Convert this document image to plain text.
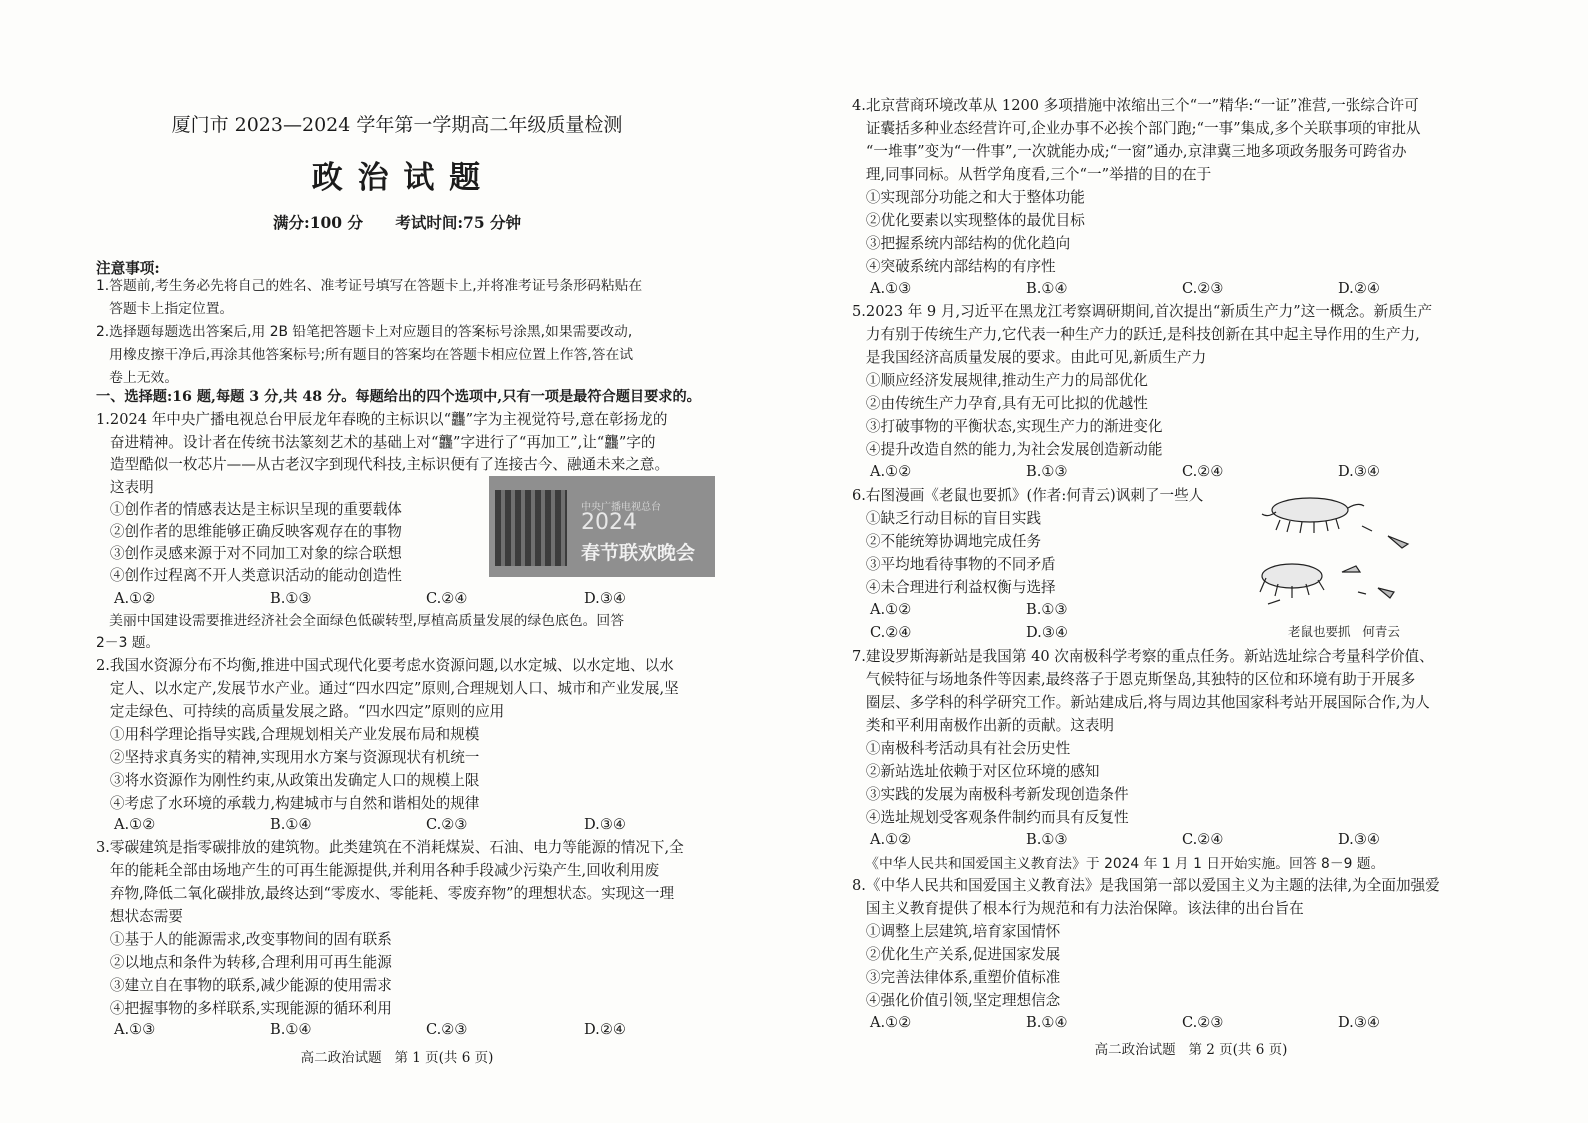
厦门市 2023—2024 学年第一学期高二年级质量检测
政 治 试 题
满分:100 分      考试时间:75 分钟
注意事项:
1.答题前,考生务必先将自己的姓名、准考证号填写在答题卡上,并将准考证号条形码粘贴在
答题卡上指定位置。
2.选择题每题选出答案后,用 2B 铅笔把答题卡上对应题目的答案标号涂黑,如果需要改动,
用橡皮擦干净后,再涂其他答案标号;所有题目的答案均在答题卡相应位置上作答,答在试
卷上无效。
一、选择题:16 题,每题 3 分,共 48 分。每题给出的四个选项中,只有一项是最符合题目要求的。
1.2024 年中央广播电视总台甲辰龙年春晚的主标识以“龘”字为主视觉符号,意在彰扬龙的
奋进精神。设计者在传统书法篆刻艺术的基础上对“龘”字进行了“再加工”,让“龘”字的
造型酷似一枚芯片——从古老汉字到现代科技,主标识便有了连接古今、融通未来之意。
这表明
①创作者的情感表达是主标识呈现的重要载体
②创作者的思维能够正确反映客观存在的事物
③创作灵感来源于对不同加工对象的综合联想
④创作过程离不开人类意识活动的能动创造性
中央广播电视总台
2024
春节联欢晚会
A.①②	B.①③	C.②④	D.③④
美丽中国建设需要推进经济社会全面绿色低碳转型,厚植高质量发展的绿色底色。回答
2－3 题。
2.我国水资源分布不均衡,推进中国式现代化要考虑水资源问题,以水定城、以水定地、以水
定人、以水定产,发展节水产业。通过“四水四定”原则,合理规划人口、城市和产业发展,坚
定走绿色、可持续的高质量发展之路。“四水四定”原则的应用
①用科学理论指导实践,合理规划相关产业发展布局和规模
②坚持求真务实的精神,实现用水方案与资源现状有机统一
③将水资源作为刚性约束,从政策出发确定人口的规模上限
④考虑了水环境的承载力,构建城市与自然和谐相处的规律
A.①②	B.①④	C.②③	D.③④
3.零碳建筑是指零碳排放的建筑物。此类建筑在不消耗煤炭、石油、电力等能源的情况下,全
年的能耗全部由场地产生的可再生能源提供,并利用各种手段减少污染产生,回收利用废
弃物,降低二氧化碳排放,最终达到“零废水、零能耗、零废弃物”的理想状态。实现这一理
想状态需要
①基于人的能源需求,改变事物间的固有联系
②以地点和条件为转移,合理利用可再生能源
③建立自在事物的联系,减少能源的使用需求
④把握事物的多样联系,实现能源的循环利用
A.①③	B.①④	C.②③	D.②④
高二政治试题   第 1 页(共 6 页)
4.北京营商环境改革从 1200 多项措施中浓缩出三个“一”精华:“一证”准营,一张综合许可
证囊括多种业态经营许可,企业办事不必挨个部门跑;“一事”集成,多个关联事项的审批从
“一堆事”变为“一件事”,一次就能办成;“一窗”通办,京津冀三地多项政务服务可跨省办
理,同事同标。从哲学角度看,三个“一”举措的目的在于
①实现部分功能之和大于整体功能
②优化要素以实现整体的最优目标
③把握系统内部结构的优化趋向
④突破系统内部结构的有序性
A.①③	B.①④	C.②③	D.②④
5.2023 年 9 月,习近平在黑龙江考察调研期间,首次提出“新质生产力”这一概念。新质生产
力有别于传统生产力,它代表一种生产力的跃迁,是科技创新在其中起主导作用的生产力,
是我国经济高质量发展的要求。由此可见,新质生产力
①顺应经济发展规律,推动生产力的局部优化
②由传统生产力孕育,具有无可比拟的优越性
③打破事物的平衡状态,实现生产力的渐进变化
④提升改造自然的能力,为社会发展创造新动能
A.①②	B.①③	C.②④	D.③④
6.右图漫画《老鼠也要抓》(作者:何青云)讽刺了一些人
①缺乏行动目标的盲目实践
②不能统筹协调地完成任务
③平均地看待事物的不同矛盾
④未合理进行利益权衡与选择
A.①②	B.①③
C.②④	D.③④	老鼠也要抓   何青云
7.建设罗斯海新站是我国第 40 次南极科学考察的重点任务。新站选址综合考量科学价值、
气候特征与场地条件等因素,最终落子于恩克斯堡岛,其独特的区位和环境有助于开展多
圈层、多学科的科学研究工作。新站建成后,将与周边其他国家科考站开展国际合作,为人
类和平利用南极作出新的贡献。这表明
①南极科考活动具有社会历史性
②新站选址依赖于对区位环境的感知
③实践的发展为南极科考新发现创造条件
④选址规划受客观条件制约而具有反复性
A.①②	B.①③	C.②④	D.③④
《中华人民共和国爱国主义教育法》于 2024 年 1 月 1 日开始实施。回答 8－9 题。
8.《中华人民共和国爱国主义教育法》是我国第一部以爱国主义为主题的法律,为全面加强爱
国主义教育提供了根本行为规范和有力法治保障。该法律的出台旨在
①调整上层建筑,培育家国情怀
②优化生产关系,促进国家发展
③完善法律体系,重塑价值标准
④强化价值引领,坚定理想信念
A.①②	B.①④	C.②③	D.③④
高二政治试题   第 2 页(共 6 页)
